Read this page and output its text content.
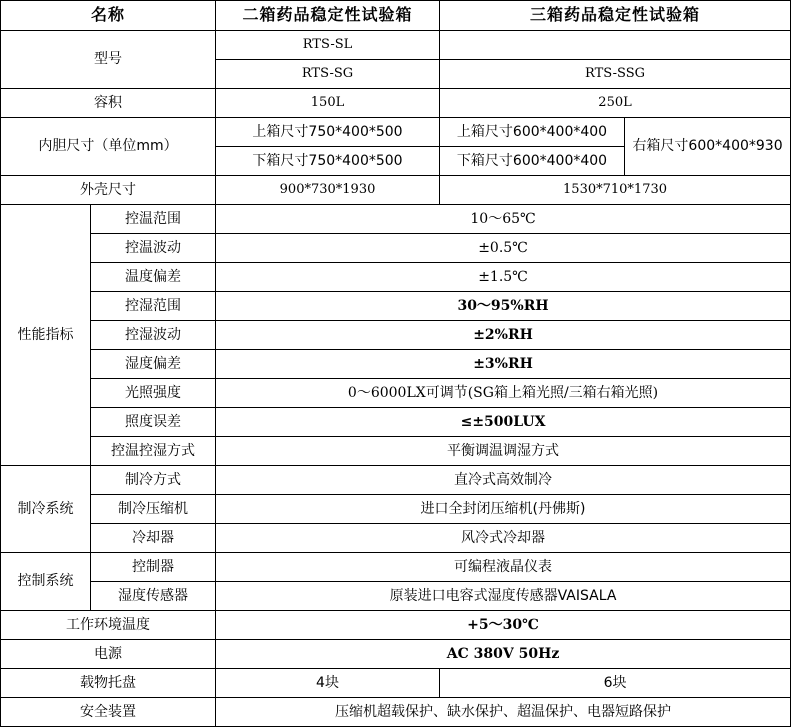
名称		二箱药品稳定性试验箱	三箱药品稳定性试验箱	
型号		RTS-SL		
		RTS-SG	RTS-SSG	
容积		150L	250L	
内胆尺寸（单位mm）		上箱尺寸750*400*500	上箱尺寸600*400*400	右箱尺寸600*400*930
		下箱尺寸750*400*500	下箱尺寸600*400*400	
外壳尺寸		900*730*1930	1530*710*1730	
性能指标	控温范围	10～65℃		
	控温波动	±0.5℃		
	温度偏差	±1.5℃		
	控湿范围	30～95%RH		
	控湿波动	±2%RH		
	湿度偏差	±3%RH		
	光照强度	0～6000LX可调节(SG箱上箱光照/三箱右箱光照)		
	照度误差	≤±500LUX		
	控温控湿方式	平衡调温调湿方式		
制冷系统	制冷方式	直冷式高效制冷		
	制冷压缩机	进口全封闭压缩机(丹佛斯)		
	冷却器	风冷式冷却器		
控制系统	控制器	可编程液晶仪表		
	湿度传感器	原装进口电容式湿度传感器VAISALA		
工作环境温度		+5～30℃		
电源		AC 380V 50Hz		
载物托盘		4块	6块	
安全装置		压缩机超载保护、缺水保护、超温保护、电器短路保护		
